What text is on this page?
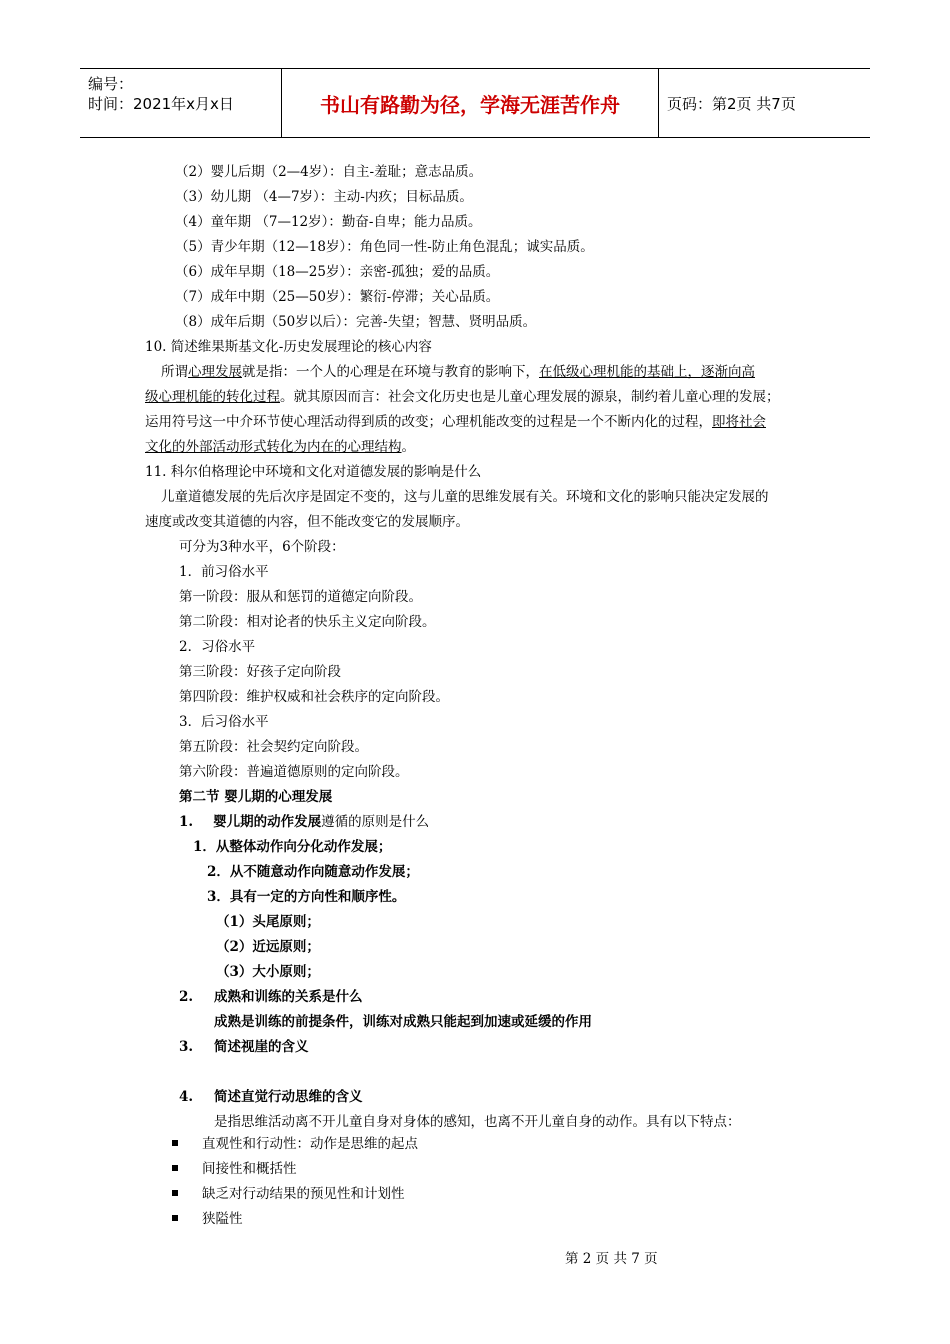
编号：
时间：2021年x月x日	书山有路勤为径，学海无涯苦作舟	页码：第2页 共7页
（2）婴儿后期（2—4岁）：自主-羞耻；意志品质。
（3）幼儿期 （4—7岁）：主动-内疚；目标品质。
（4）童年期 （7—12岁）：勤奋-自卑；能力品质。
（5）青少年期（12—18岁）：角色同一性-防止角色混乱；诚实品质。
（6）成年早期（18—25岁）：亲密-孤独；爱的品质。
（7）成年中期（25—50岁）：繁衍-停滞；关心品质。
（8）成年后期（50岁以后）：完善-失望；智慧、贤明品质。
10. 简述维果斯基文化-历史发展理论的核心内容
所谓心理发展就是指：一个人的心理是在环境与教育的影响下，在低级心理机能的基础上，逐渐向高
级心理机能的转化过程。就其原因而言：社会文化历史也是儿童心理发展的源泉，制约着儿童心理的发展；
运用符号这一中介环节使心理活动得到质的改变；心理机能改变的过程是一个不断内化的过程，即将社会
文化的外部活动形式转化为内在的心理结构。
11. 科尔伯格理论中环境和文化对道德发展的影响是什么
儿童道德发展的先后次序是固定不变的，这与儿童的思维发展有关。环境和文化的影响只能决定发展的
速度或改变其道德的内容，但不能改变它的发展顺序。
可分为3种水平，6个阶段：
1．前习俗水平
第一阶段：服从和惩罚的道德定向阶段。
第二阶段：相对论者的快乐主义定向阶段。
2．习俗水平
第三阶段：好孩子定向阶段
第四阶段：维护权威和社会秩序的定向阶段。
3．后习俗水平
第五阶段：社会契约定向阶段。
第六阶段：普遍道德原则的定向阶段。
第二节 婴儿期的心理发展
1. 婴儿期的动作发展遵循的原则是什么
1．从整体动作向分化动作发展；
2．从不随意动作向随意动作发展；
3．具有一定的方向性和顺序性。
（1）头尾原则；
（2）近远原则；
（3）大小原则；
2. 成熟和训练的关系是什么
成熟是训练的前提条件，训练对成熟只能起到加速或延缓的作用
3. 简述视崖的含义
4. 简述直觉行动思维的含义
是指思维活动离不开儿童自身对身体的感知，也离不开儿童自身的动作。具有以下特点：
直观性和行动性：动作是思维的起点
间接性和概括性
缺乏对行动结果的预见性和计划性
狭隘性
第 2 页 共 7 页
